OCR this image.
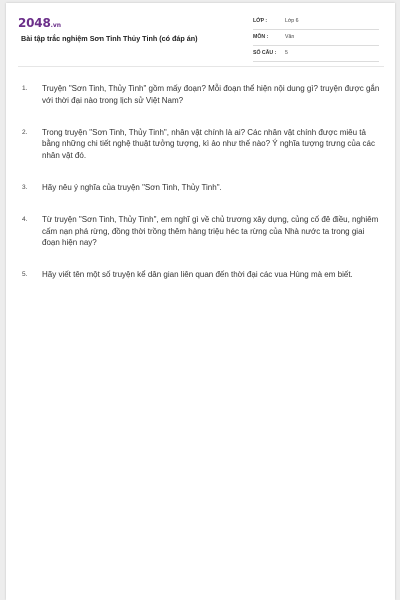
2048.vn
Bài tập trắc nghiệm Sơn Tinh Thủy Tinh (có đáp án)
LỚP :	Lớp 6
MÔN :	Văn
SỐ CÂU : 5
1. Truyện "Sơn Tinh, Thủy Tinh" gồm mấy đoạn? Mỗi đoạn thể hiện nội dung gì? truyện được gắn với thời đại nào trong lịch sử Việt Nam?
2. Trong truyện "Sơn Tinh, Thủy Tinh", nhân vật chính là ai? Các nhân vật chính được miêu tả bằng những chi tiết nghệ thuật tưởng tượng, kì ảo như thế nào? Ý nghĩa tượng trưng của các nhân vật đó.
3. Hãy nêu ý nghĩa của truyện "Sơn Tinh, Thủy Tinh".
4. Từ truyện "Sơn Tinh, Thủy Tinh", em nghĩ gì về chủ trương xây dựng, củng cố đê điều, nghiêm cấm nạn phá rừng, đồng thời trồng thêm hàng triệu héc ta rừng của Nhà nước ta trong giai đoạn hiện nay?
5. Hãy viết tên một số truyện kể dân gian liên quan đến thời đại các vua Hùng mà em biết.
